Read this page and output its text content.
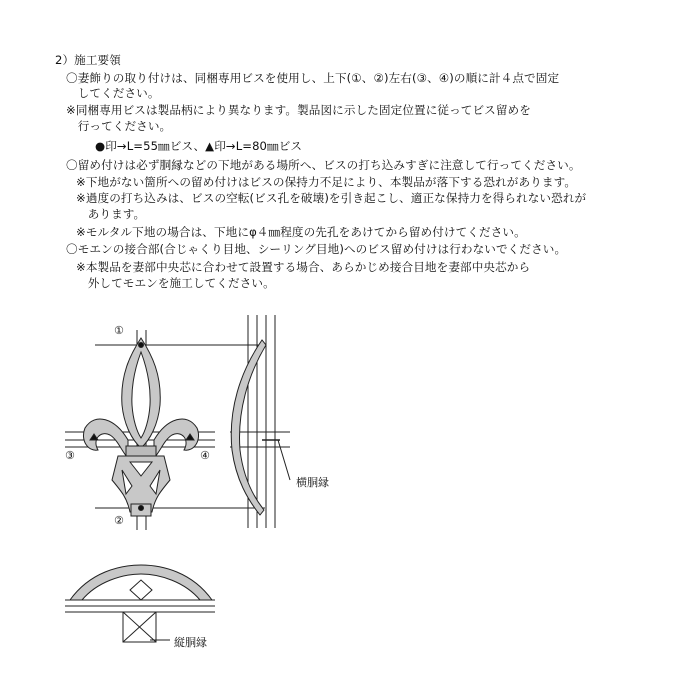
2）施工要領
〇妻飾りの取り付けは、同梱専用ビスを使用し、上下(①、②)左右(③、④)の順に計４点で固定
　してください。
※同梱専用ビスは製品柄により異なります。製品図に示した固定位置に従ってビス留めを
　行ってください。
●印→L=55㎜ビス、▲印→L=80㎜ビス
〇留め付けは必ず胴縁などの下地がある場所へ、ビスの打ち込みすぎに注意して行ってください。
※下地がない箇所への留め付けはビスの保持力不足により、本製品が落下する恐れがあります。
※過度の打ち込みは、ビスの空転(ビス孔を破壊)を引き起こし、適正な保持力を得られない恐れが
　あります。
※モルタル下地の場合は、下地にφ４㎜程度の先孔をあけてから留め付けてください。
〇モエンの接合部(合じゃくり目地、シーリング目地)へのビス留め付けは行わないでください。
※本製品を妻部中央芯に合わせて設置する場合、あらかじめ接合目地を妻部中央芯から
　外してモエンを施工してください。
①
②
③	④
横胴縁
縦胴縁
